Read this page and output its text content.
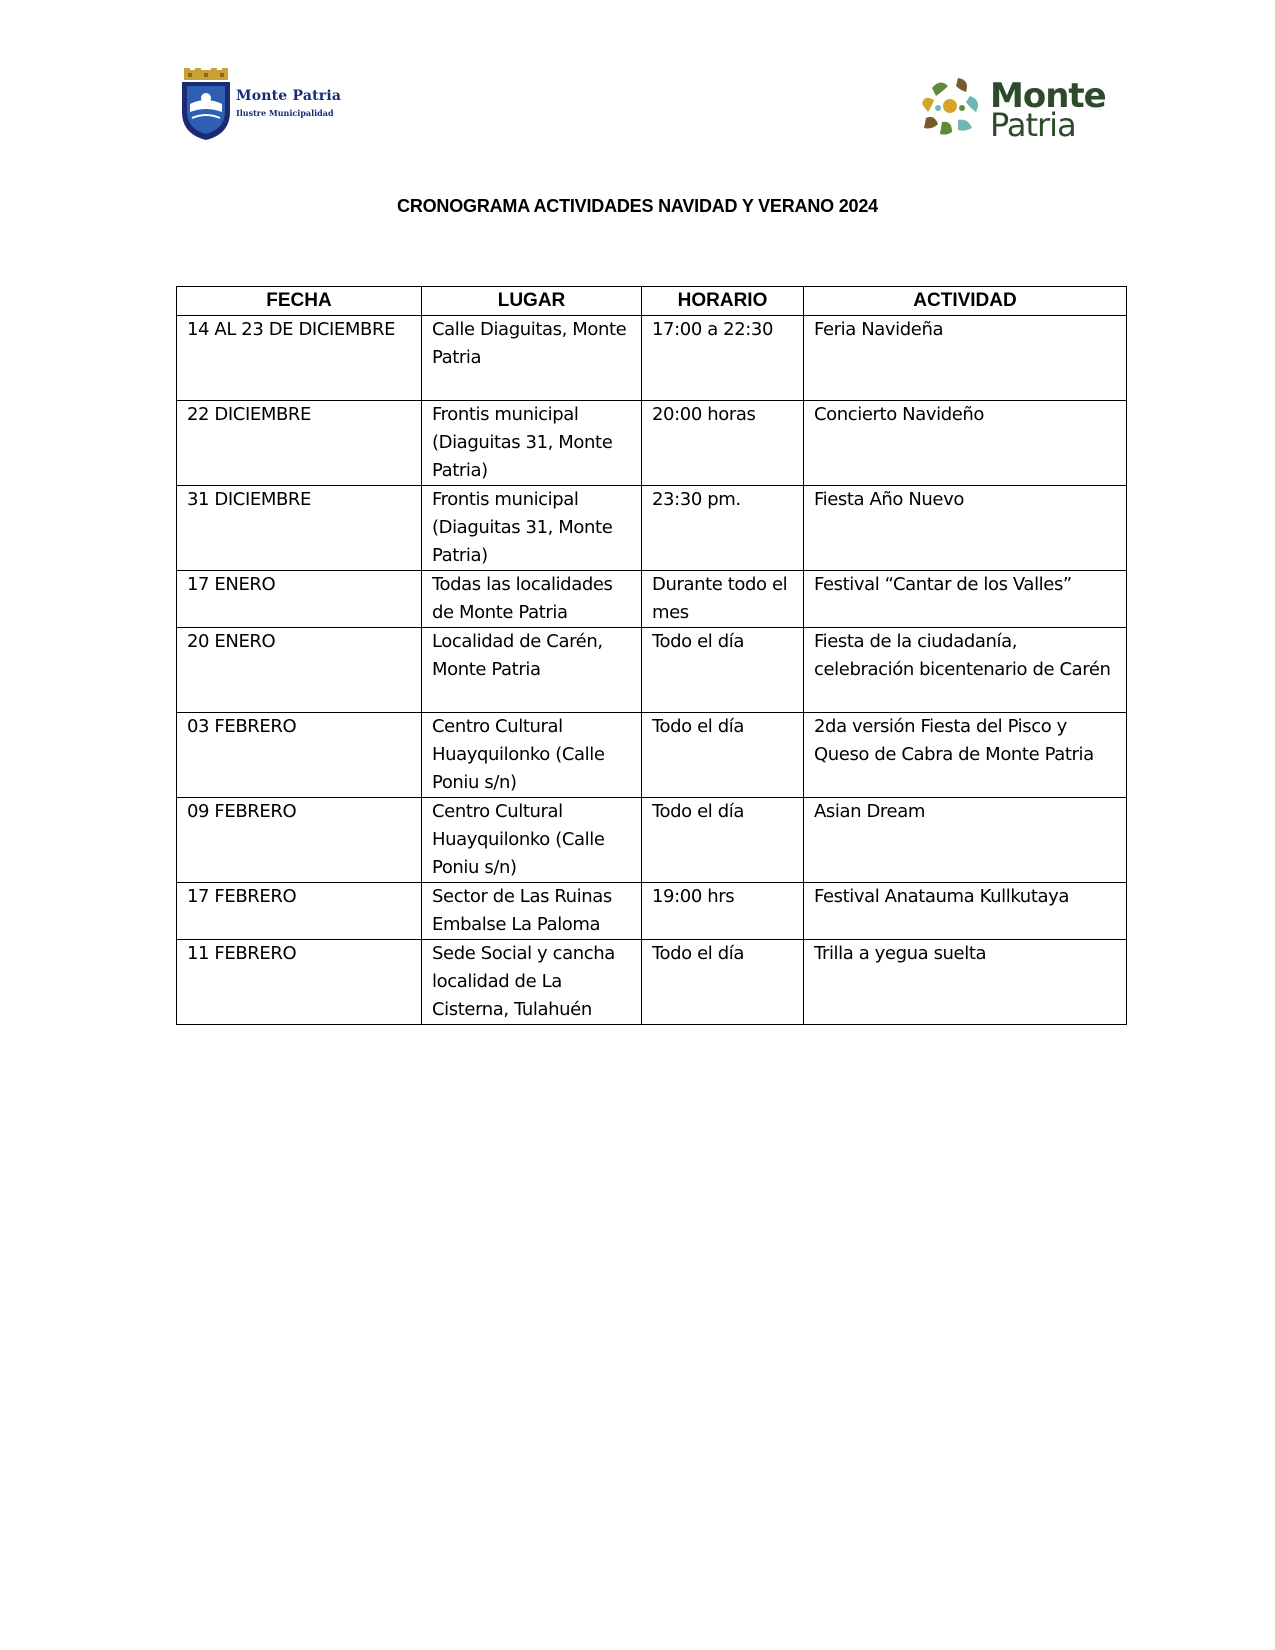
Monte Patria
Ilustre Municipalidad	Monte
Patria
CRONOGRAMA ACTIVIDADES NAVIDAD Y VERANO 2024
FECHA	LUGAR	HORARIO	ACTIVIDAD
14 AL 23 DE DICIEMBRE	Calle Diaguitas, Monte Patria	17:00 a 22:30	Feria Navideña
22 DICIEMBRE	Frontis municipal (Diaguitas 31, Monte Patria)	20:00 horas	Concierto Navideño
31 DICIEMBRE	Frontis municipal (Diaguitas 31, Monte Patria)	23:30 pm.	Fiesta Año Nuevo
17 ENERO	Todas las localidades de Monte Patria	Durante todo el mes	Festival “Cantar de los Valles”
20 ENERO	Localidad de Carén, Monte Patria	Todo el día	Fiesta de la ciudadanía, celebración bicentenario de Carén
03 FEBRERO	Centro Cultural Huayquilonko (Calle Poniu s/n)	Todo el día	2da versión Fiesta del Pisco y Queso de Cabra de Monte Patria
09 FEBRERO	Centro Cultural Huayquilonko (Calle Poniu s/n)	Todo el día	Asian Dream
17 FEBRERO	Sector de Las Ruinas Embalse La Paloma	19:00 hrs	Festival Anatauma Kullkutaya
11 FEBRERO	Sede Social y cancha localidad de La Cisterna, Tulahuén	Todo el día	Trilla a yegua suelta
